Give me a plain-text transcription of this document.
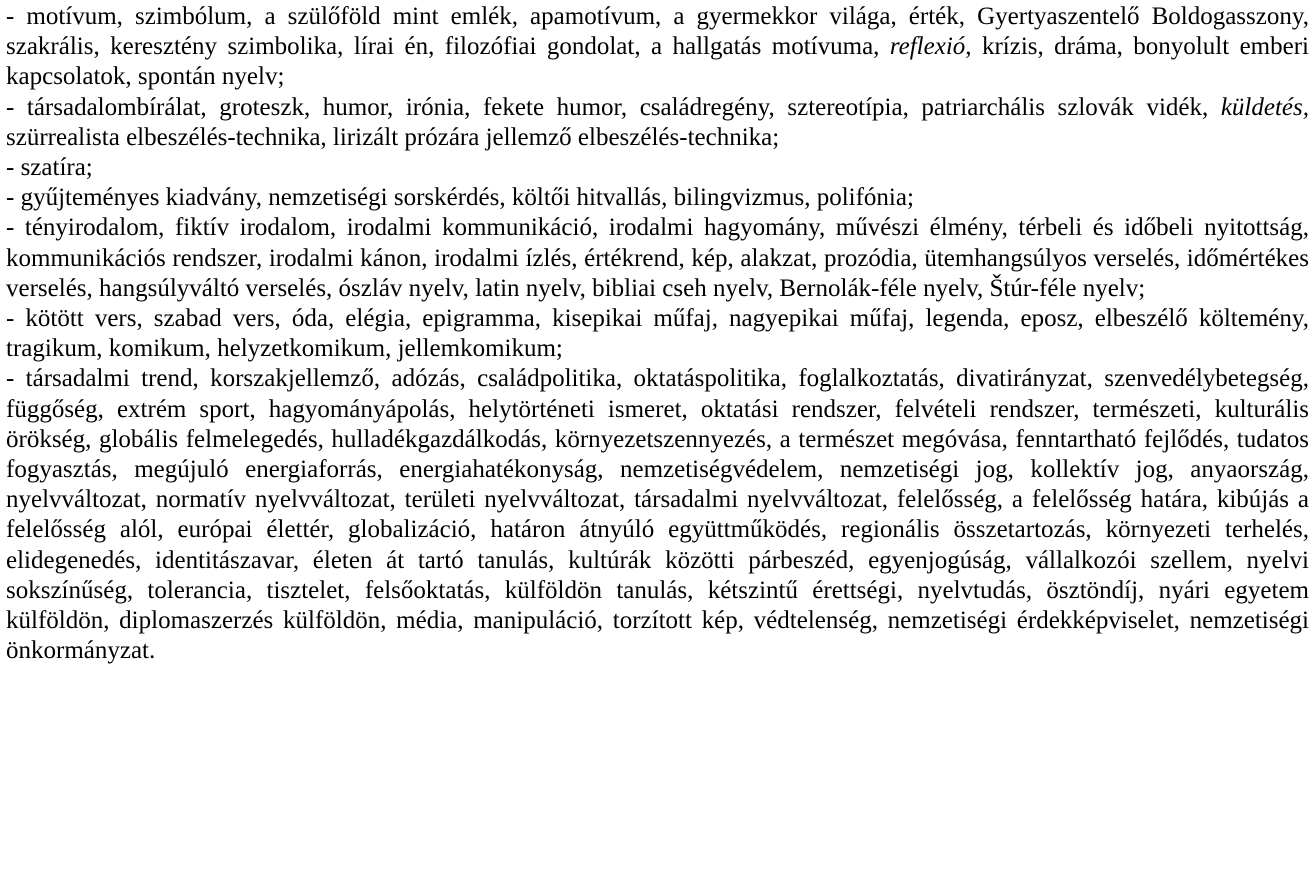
- motívum, szimbólum, a szülőföld mint emlék, apamotívum, a gyermekkor világa, érték, Gyertyaszentelő Boldogasszony, szakrális, keresztény szimbolika, lírai én, filozófiai gondolat, a hallgatás motívuma, reflexió, krízis, dráma, bonyolult emberi kapcsolatok, spontán nyelv;

- társadalombírálat, groteszk, humor, irónia, fekete humor, családregény, sztereotípia, patriarchális szlovák vidék, küldetés, szürrealista elbeszélés-technika, lirizált prózára jellemző elbeszélés-technika;

- szatíra;

- gyűjteményes kiadvány, nemzetiségi sorskérdés, költői hitvallás, bilingvizmus, polifónia;

- tényirodalom, fiktív irodalom, irodalmi kommunikáció, irodalmi hagyomány, művészi élmény, térbeli és időbeli nyitottság, kommunikációs rendszer, irodalmi kánon, irodalmi ízlés, értékrend, kép, alakzat, prozódia, ütemhangsúlyos verselés, időmértékes verselés, hangsúlyváltó verselés, ószláv nyelv, latin nyelv, bibliai cseh nyelv, Bernolák-féle nyelv, Štúr-féle nyelv;

- kötött vers, szabad vers, óda, elégia, epigramma, kisepikai műfaj, nagyepikai műfaj, legenda, eposz, elbeszélő költemény, tragikum, komikum, helyzetkomikum, jellemkomikum;

- társadalmi trend, korszakjellemző, adózás, családpolitika, oktatáspolitika, foglalkoztatás, divatirányzat, szenvedélybetegség, függőség, extrém sport, hagyományápolás, helytörténeti ismeret, oktatási rendszer, felvételi rendszer, természeti, kulturális örökség, globális felmelegedés, hulladékgazdálkodás, környezetszennyezés, a természet megóvása, fenntartható fejlődés, tudatos fogyasztás, megújuló energiaforrás, energiahatékonyság, nemzetiségvédelem, nemzetiségi jog, kollektív jog, anyaország, nyelvváltozat, normatív nyelvváltozat, területi nyelvváltozat, társadalmi nyelvváltozat, felelősség, a felelősség határa, kibújás a felelősség alól, európai élettér, globalizáció, határon átnyúló együttműködés, regionális összetartozás, környezeti terhelés, elidegenedés, identitászavar, életen át tartó tanulás, kultúrák közötti párbeszéd, egyenjogúság, vállalkozói szellem, nyelvi sokszínűség, tolerancia, tisztelet, felsőoktatás, külföldön tanulás, kétszintű érettségi, nyelvtudás, ösztöndíj, nyári egyetem külföldön, diplomaszerzés külföldön, média, manipuláció, torzított kép, védtelenség, nemzetiségi érdekképviselet, nemzetiségi önkormányzat.
